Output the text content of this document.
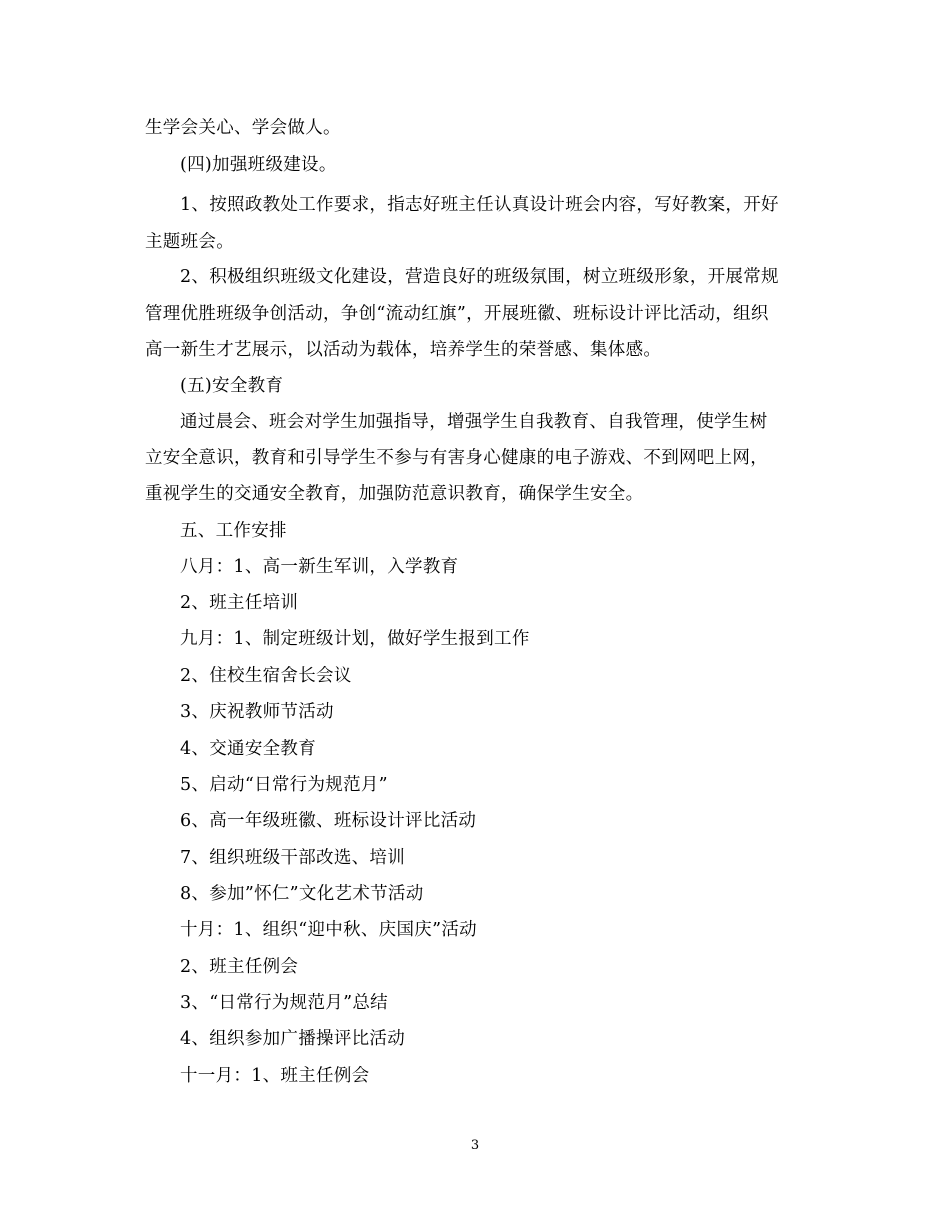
生学会关心、学会做人。
(四)加强班级建设。
1、按照政教处工作要求，指志好班主任认真设计班会内容，写好教案，开好
主题班会。
2、积极组织班级文化建设，营造良好的班级氛围，树立班级形象，开展常规
管理优胜班级争创活动，争创“流动红旗”，开展班徽、班标设计评比活动，组织
高一新生才艺展示，以活动为载体，培养学生的荣誉感、集体感。
(五)安全教育
通过晨会、班会对学生加强指导，增强学生自我教育、自我管理，使学生树
立安全意识，教育和引导学生不参与有害身心健康的电子游戏、不到网吧上网，
重视学生的交通安全教育，加强防范意识教育，确保学生安全。
五、工作安排
八月：1、高一新生军训，入学教育
2、班主任培训
九月：1、制定班级计划，做好学生报到工作
2、住校生宿舍长会议
3、庆祝教师节活动
4、交通安全教育
5、启动“日常行为规范月”
6、高一年级班徽、班标设计评比活动
7、组织班级干部改选、培训
8、参加”怀仁”文化艺术节活动
十月：1、组织“迎中秋、庆国庆”活动
2、班主任例会
3、“日常行为规范月”总结
4、组织参加广播操评比活动
十一月：1、班主任例会
3
